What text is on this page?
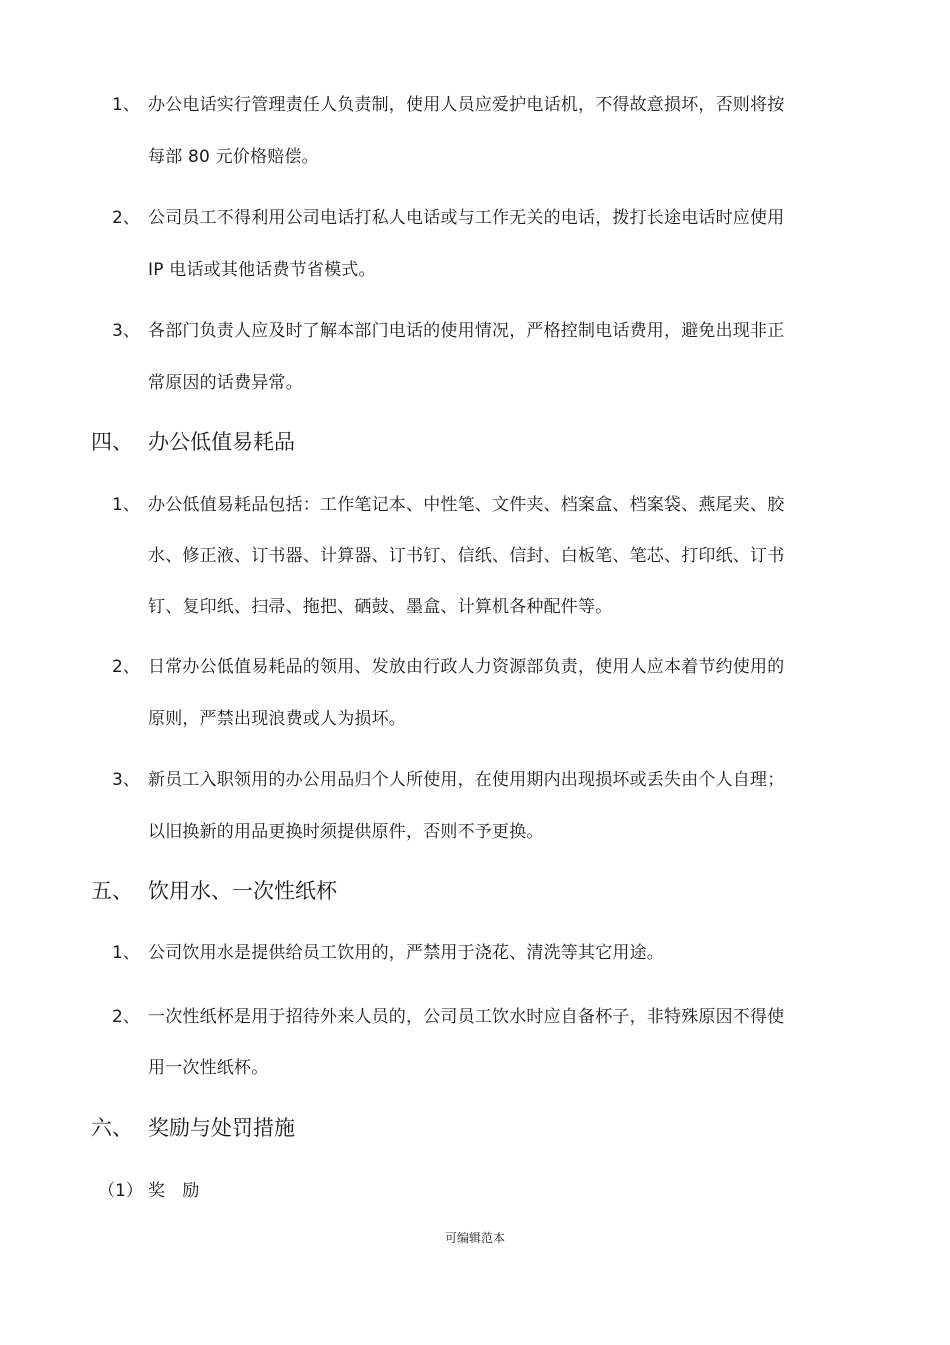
1、 办公电话实行管理责任人负责制，使用人员应爱护电话机，不得故意损坏，否则将按
每部 80 元价格赔偿。
2、 公司员工不得利用公司电话打私人电话或与工作无关的电话，拨打长途电话时应使用
IP 电话或其他话费节省模式。
3、 各部门负责人应及时了解本部门电话的使用情况，严格控制电话费用，避免出现非正
常原因的话费异常。
四、 办公低值易耗品
1、 办公低值易耗品包括：工作笔记本、中性笔、文件夹、档案盒、档案袋、燕尾夹、胶
水、修正液、订书器、计算器、订书钉、信纸、信封、白板笔、笔芯、打印纸、订书
钉、复印纸、扫帚、拖把、硒鼓、墨盒、计算机各种配件等。
2、 日常办公低值易耗品的领用、发放由行政人力资源部负责，使用人应本着节约使用的
原则，严禁出现浪费或人为损坏。
3、 新员工入职领用的办公用品归个人所使用，在使用期内出现损坏或丢失由个人自理；
以旧换新的用品更换时须提供原件，否则不予更换。
五、 饮用水、一次性纸杯
1、 公司饮用水是提供给员工饮用的，严禁用于浇花、清洗等其它用途。
2、 一次性纸杯是用于招待外来人员的，公司员工饮水时应自备杯子，非特殊原因不得使
用一次性纸杯。
六、 奖励与处罚措施
（1） 奖 励
可编辑范本
